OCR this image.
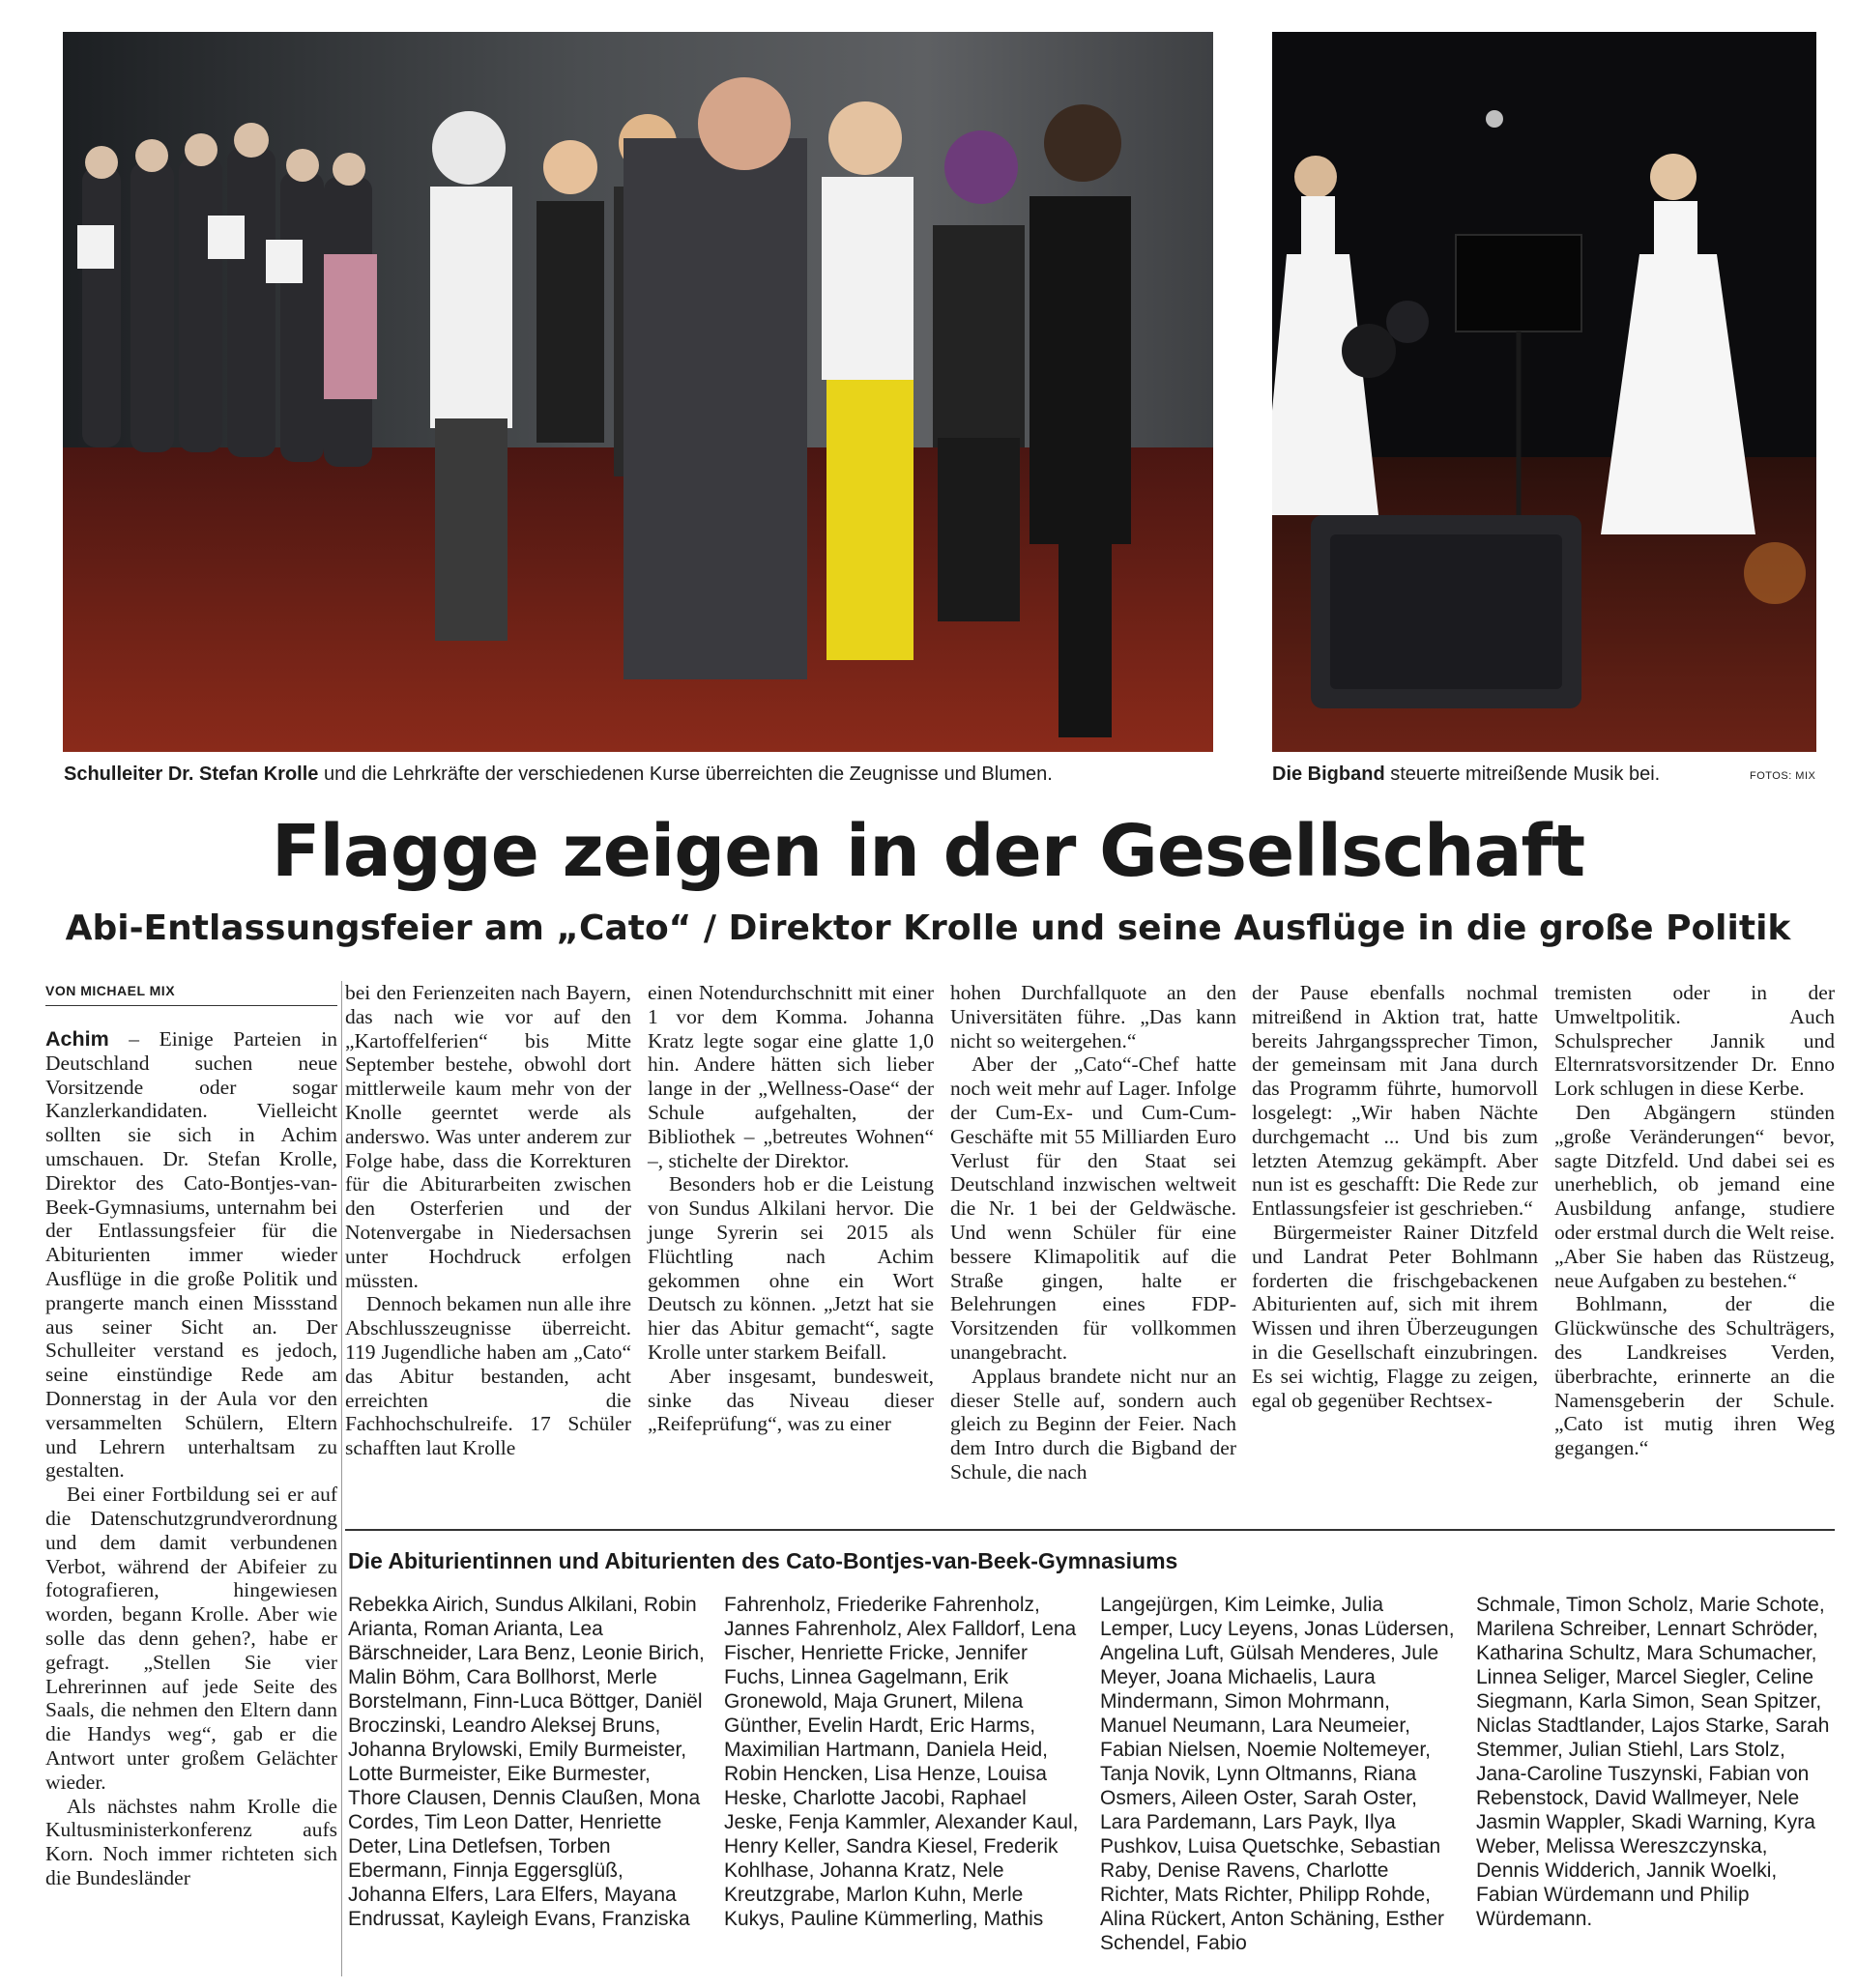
Schulleiter Dr. Stefan Krolle und die Lehrkräfte der verschiedenen Kurse überreichten die Zeugnisse und Blumen.	Die Bigband steuerte mitreißende Musik bei.	FOTOS: MIX
Flagge zeigen in der Gesellschaft
Abi-Entlassungsfeier am „Cato“ / Direktor Krolle und seine Ausflüge in die große Politik
VON MICHAEL MIX

Achim – Einige Parteien in Deutschland suchen neue Vorsitzende oder sogar Kanzlerkandidaten. Vielleicht sollten sie sich in Achim umschauen. Dr. Stefan Krolle, Direktor des Cato-Bontjes-van-Beek-Gymnasiums, unternahm bei der Entlassungsfeier für die Abiturienten immer wieder Ausflüge in die große Politik und prangerte manch einen Missstand aus seiner Sicht an. Der Schulleiter verstand es jedoch, seine einstündige Rede am Donnerstag in der Aula vor den versammelten Schülern, Eltern und Lehrern unterhaltsam zu gestalten.

Bei einer Fortbildung sei er auf die Datenschutzgrundverordnung und dem damit verbundenen Verbot, während der Abifeier zu fotografieren, hingewiesen worden, begann Krolle. Aber wie solle das denn gehen?, habe er gefragt. „Stellen Sie vier Lehrerinnen auf jede Seite des Saals, die nehmen den Eltern dann die Handys weg“, gab er die Antwort unter großem Gelächter wieder.

Als nächstes nahm Krolle die Kultusministerkonferenz aufs Korn. Noch immer richteten sich die Bundesländer

bei den Ferienzeiten nach Bayern, das nach wie vor auf den „Kartoffelferien“ bis Mitte September bestehe, obwohl dort mittlerweile kaum mehr von der Knolle geerntet werde als anderswo. Was unter anderem zur Folge habe, dass die Korrekturen für die Abiturarbeiten zwischen den Osterferien und der Notenvergabe in Niedersachsen unter Hochdruck erfolgen müssten.

Dennoch bekamen nun alle ihre Abschlusszeugnisse überreicht. 119 Jugendliche haben am „Cato“ das Abitur bestanden, acht erreichten die Fachhochschulreife. 17 Schüler schafften laut Krolle

einen Notendurchschnitt mit einer 1 vor dem Komma. Johanna Kratz legte sogar eine glatte 1,0 hin. Andere hätten sich lieber lange in der „Wellness-Oase“ der Schule aufgehalten, der Bibliothek – „betreutes Wohnen“ –, stichelte der Direktor.

Besonders hob er die Leistung von Sundus Alkilani hervor. Die junge Syrerin sei 2015 als Flüchtling nach Achim gekommen ohne ein Wort Deutsch zu können. „Jetzt hat sie hier das Abitur gemacht“, sagte Krolle unter starkem Beifall.

Aber insgesamt, bundesweit, sinke das Niveau dieser „Reifeprüfung“, was zu einer

hohen Durchfallquote an den Universitäten führe. „Das kann nicht so weitergehen.“

Aber der „Cato“-Chef hatte noch weit mehr auf Lager. Infolge der Cum-Ex- und Cum-Cum-Geschäfte mit 55 Milliarden Euro Verlust für den Staat sei Deutschland inzwischen weltweit die Nr. 1 bei der Geldwäsche. Und wenn Schüler für eine bessere Klimapolitik auf die Straße gingen, halte er Belehrungen eines FDP-Vorsitzenden für vollkommen unangebracht.

Applaus brandete nicht nur an dieser Stelle auf, sondern auch gleich zu Beginn der Feier. Nach dem Intro durch die Bigband der Schule, die nach

der Pause ebenfalls nochmal mitreißend in Aktion trat, hatte bereits Jahrgangssprecher Timon, der gemeinsam mit Jana durch das Programm führte, humorvoll losgelegt: „Wir haben Nächte durchgemacht ... Und bis zum letzten Atemzug gekämpft. Aber nun ist es geschafft: Die Rede zur Entlassungsfeier ist geschrieben.“

Bürgermeister Rainer Ditzfeld und Landrat Peter Bohlmann forderten die frischgebackenen Abiturienten auf, sich mit ihrem Wissen und ihren Überzeugungen in die Gesellschaft einzubringen. Es sei wichtig, Flagge zu zeigen, egal ob gegenüber Rechtsex-

tremisten oder in der Umweltpolitik. Auch Schulsprecher Jannik und Elternratsvorsitzender Dr. Enno Lork schlugen in diese Kerbe.

Den Abgängern stünden „große Veränderungen“ bevor, sagte Ditzfeld. Und dabei sei es unerheblich, ob jemand eine Ausbildung anfange, studiere oder erstmal durch die Welt reise. „Aber Sie haben das Rüstzeug, neue Aufgaben zu bestehen.“

Bohlmann, der die Glückwünsche des Schulträgers, des Landkreises Verden, überbrachte, erinnerte an die Namensgeberin der Schule. „Cato ist mutig ihren Weg gegangen.“

Die Abiturientinnen und Abiturienten des Cato-Bontjes-van-Beek-Gymnasiums
Rebekka Airich, Sundus Alkilani, Robin Arianta, Roman Arianta, Lea Bärschneider, Lara Benz, Leonie Birich, Malin Böhm, Cara Bollhorst, Merle Borstelmann, Finn-Luca Böttger, Daniël Broczinski, Leandro Aleksej Bruns, Johanna Brylowski, Emily Burmeister, Lotte Burmeister, Eike Burmester, Thore Clausen, Dennis Claußen, Mona Cordes, Tim Leon Datter, Henriette Deter, Lina Detlefsen, Torben Ebermann, Finnja Eggersglüß, Johanna Elfers, Lara Elfers, Mayana Endrussat, Kayleigh Evans, Franziska
Fahrenholz, Friederike Fahrenholz, Jannes Fahrenholz, Alex Falldorf, Lena Fischer, Henriette Fricke, Jennifer Fuchs, Linnea Gagelmann, Erik Gronewold, Maja Grunert, Milena Günther, Evelin Hardt, Eric Harms, Maximilian Hartmann, Daniela Heid, Robin Hencken, Lisa Henze, Louisa Heske, Charlotte Jacobi, Raphael Jeske, Fenja Kammler, Alexander Kaul, Henry Keller, Sandra Kiesel, Frederik Kohlhase, Johanna Kratz, Nele Kreutzgrabe, Marlon Kuhn, Merle Kukys, Pauline Kümmerling, Mathis
Langejürgen, Kim Leimke, Julia Lemper, Lucy Leyens, Jonas Lüdersen, Angelina Luft, Gülsah Menderes, Jule Meyer, Joana Michaelis, Laura Mindermann, Simon Mohrmann, Manuel Neumann, Lara Neumeier, Fabian Nielsen, Noemie Noltemeyer, Tanja Novik, Lynn Oltmanns, Riana Osmers, Aileen Oster, Sarah Oster, Lara Pardemann, Lars Payk, Ilya Pushkov, Luisa Quetschke, Sebastian Raby, Denise Ravens, Charlotte Richter, Mats Richter, Philipp Rohde, Alina Rückert, Anton Schäning, Esther Schendel, Fabio
Schmale, Timon Scholz, Marie Schote, Marilena Schreiber, Lennart Schröder, Katharina Schultz, Mara Schumacher, Linnea Seliger, Marcel Siegler, Celine Siegmann, Karla Simon, Sean Spitzer, Niclas Stadtlander, Lajos Starke, Sarah Stemmer, Julian Stiehl, Lars Stolz, Jana-Caroline Tuszynski, Fabian von Rebenstock, David Wallmeyer, Nele Jasmin Wappler, Skadi Warning, Kyra Weber, Melissa Wereszczynska, Dennis Widderich, Jannik Woelki, Fabian Würdemann und Philip Würdemann.
